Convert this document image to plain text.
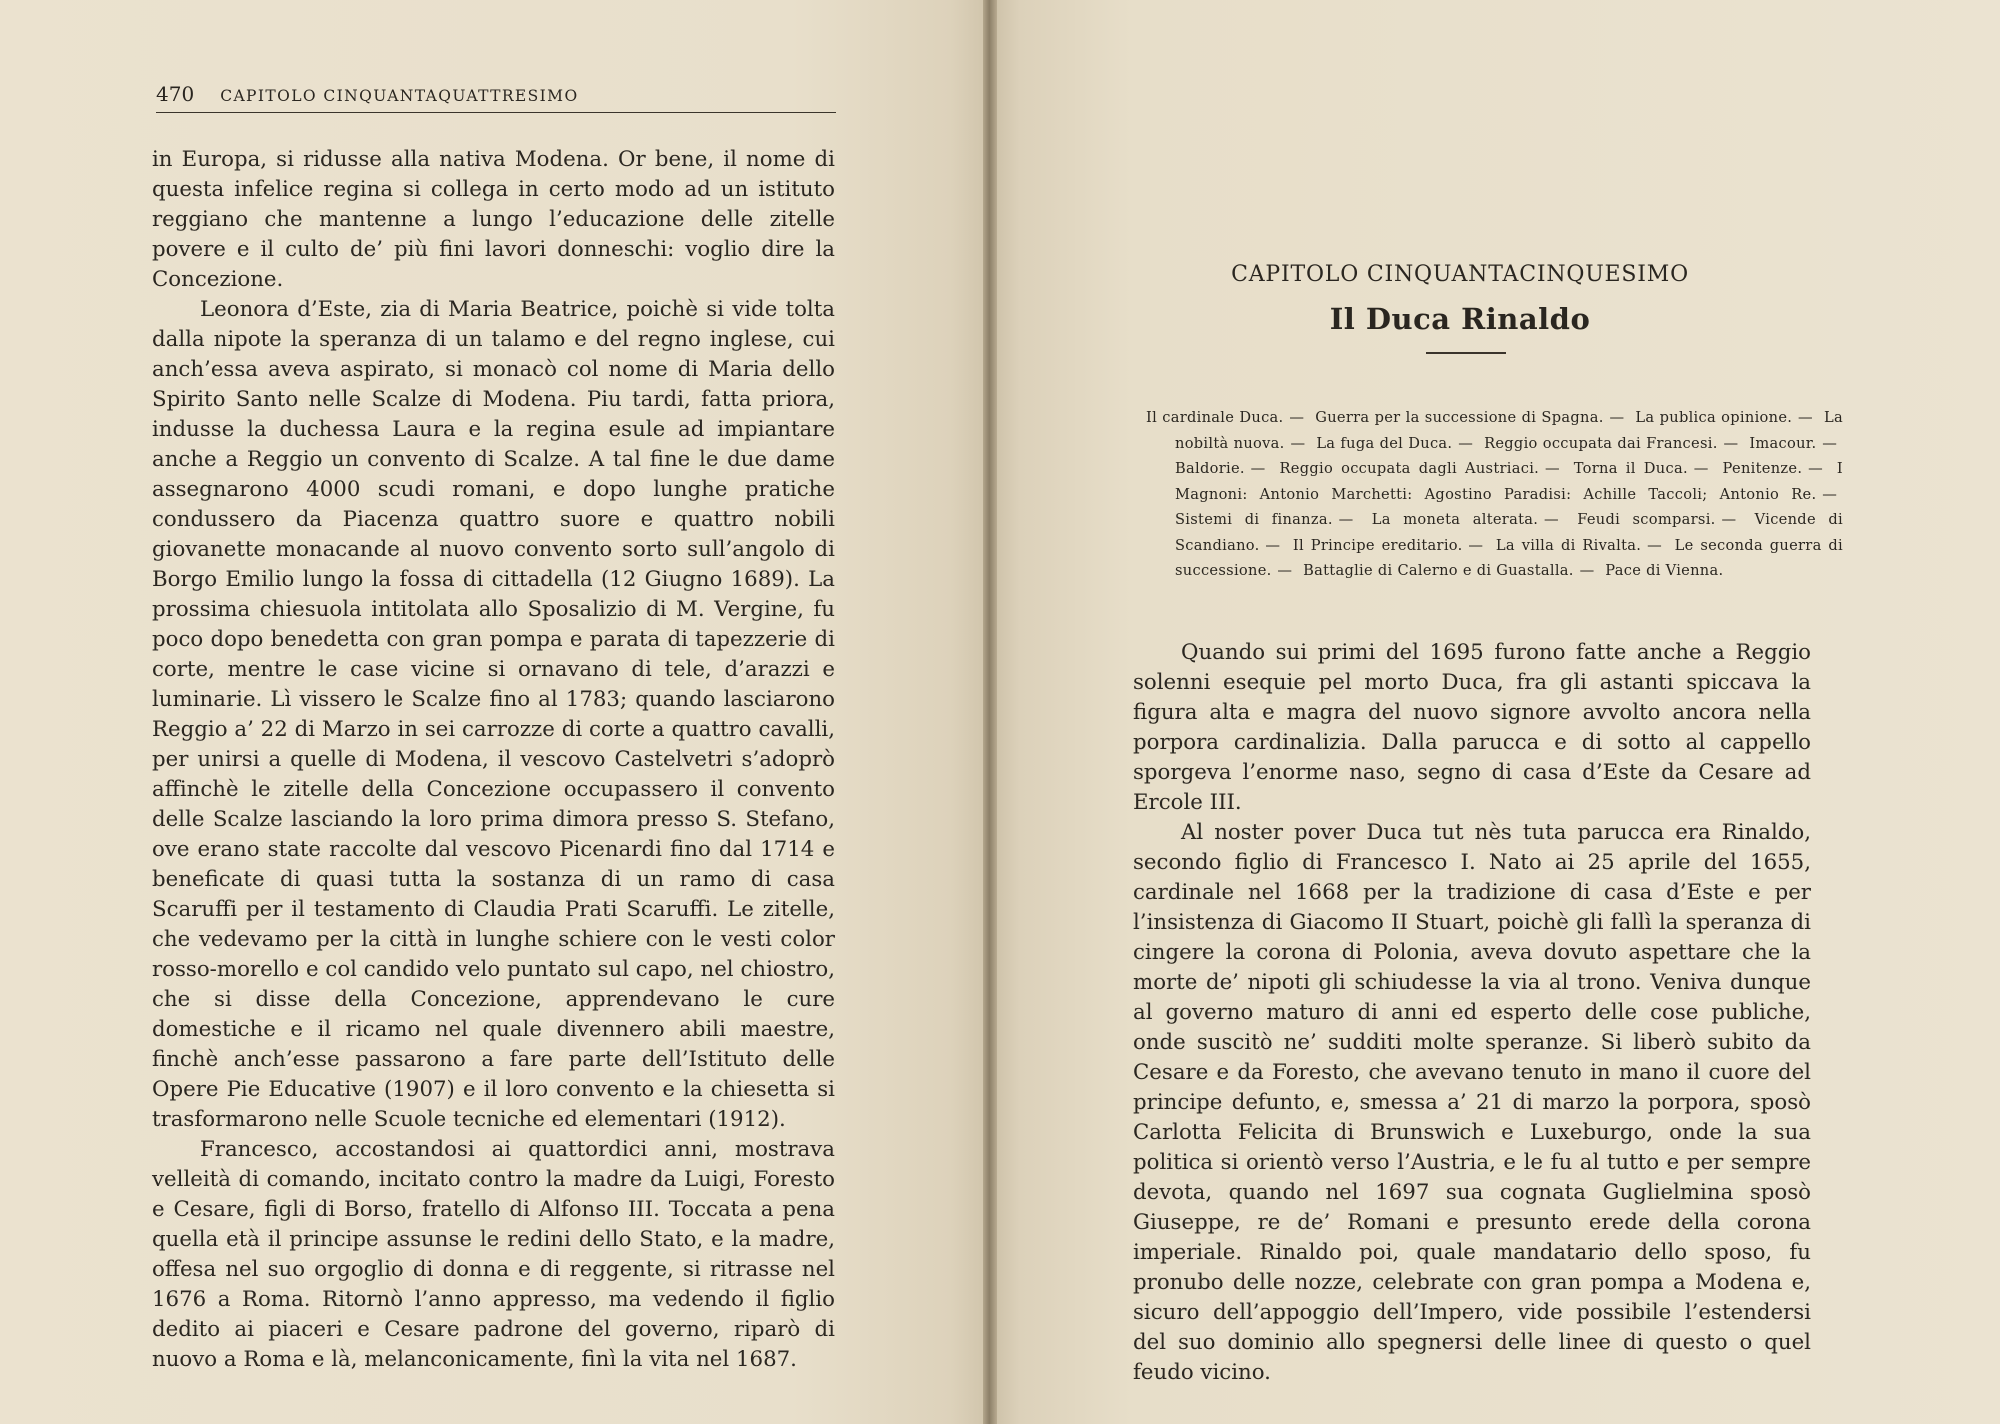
470 CAPITOLO CINQUANTAQUATTRESIMO

in Europa, si ridusse alla nativa Modena. Or bene, il nome di questa infelice regina si collega in certo modo ad un istituto reggiano che mantenne a lungo l’educazione delle zitelle povere e il culto de’ più fini lavori donneschi: voglio dire la Concezione.

Leonora d’Este, zia di Maria Beatrice, poichè si vide tolta dalla nipote la speranza di un talamo e del regno inglese, cui anch’essa aveva aspirato, si monacò col nome di Maria dello Spirito Santo nelle Scalze di Modena. Piu tardi, fatta priora, indusse la duchessa Laura e la regina esule ad impiantare anche a Reggio un convento di Scalze. A tal fine le due dame assegnarono 4000 scudi romani, e dopo lunghe pratiche condussero da Piacenza quattro suore e quattro nobili giovanette monacande al nuovo convento sorto sull’angolo di Borgo Emilio lungo la fossa di cittadella (12 Giugno 1689). La prossima chiesuola intitolata allo Sposalizio di M. Vergine, fu poco dopo benedetta con gran pompa e parata di tapezzerie di corte, mentre le case vicine si ornavano di tele, d’arazzi e luminarie. Lì vissero le Scalze fino al 1783; quando lasciarono Reggio a’ 22 di Marzo in sei carrozze di corte a quattro cavalli, per unirsi a quelle di Modena, il vescovo Castelvetri s’adoprò affinchè le zitelle della Concezione occupassero il convento delle Scalze lasciando la loro prima dimora presso S. Stefano, ove erano state raccolte dal vescovo Picenardi fino dal 1714 e beneficate di quasi tutta la sostanza di un ramo di casa Scaruffi per il testamento di Claudia Prati Scaruffi. Le zitelle, che vedevamo per la città in lunghe schiere con le vesti color rosso-morello e col candido velo puntato sul capo, nel chiostro, che si disse della Concezione, apprendevano le cure domestiche e il ricamo nel quale divennero abili maestre, finchè anch’esse passarono a fare parte dell’Istituto delle Opere Pie Educative (1907) e il loro convento e la chiesetta si trasformarono nelle Scuole tecniche ed elementari (1912).

Francesco, accostandosi ai quattordici anni, mostrava velleità di comando, incitato contro la madre da Luigi, Foresto e Cesare, figli di Borso, fratello di Alfonso III. Toccata a pena quella età il principe assunse le redini dello Stato, e la madre, offesa nel suo orgoglio di donna e di reggente, si ritrasse nel 1676 a Roma. Ritornò l’anno appresso, ma vedendo il figlio dedito ai piaceri e Cesare padrone del governo, riparò di nuovo a Roma e là, melanconicamente, finì la vita nel 1687.

CAPITOLO CINQUANTACINQUESIMO
Il Duca Rinaldo
Il cardinale Duca. — Guerra per la successione di Spagna. — La publica opinione. — La nobiltà nuova. — La fuga del Duca. — Reggio occupata dai Francesi. — Imacour. — Baldorie. — Reggio occupata dagli Austriaci. — Torna il Duca. — Penitenze. — I Magnoni: Antonio Marchetti: Agostino Paradisi: Achille Taccoli; Antonio Re. — Sistemi di finanza. — La moneta alterata. — Feudi scomparsi. — Vicende di Scandiano. — Il Principe ereditario. — La villa di Rivalta. — Le seconda guerra di successione. — Battaglie di Calerno e di Guastalla. — Pace di Vienna.

Quando sui primi del 1695 furono fatte anche a Reggio solenni esequie pel morto Duca, fra gli astanti spiccava la figura alta e magra del nuovo signore avvolto ancora nella porpora cardinalizia. Dalla parucca e di sotto al cappello sporgeva l’enorme naso, segno di casa d’Este da Cesare ad Ercole III.

Al noster pover Duca tut nès tuta parucca era Rinaldo, secondo figlio di Francesco I. Nato ai 25 aprile del 1655, cardinale nel 1668 per la tradizione di casa d’Este e per l’insistenza di Giacomo II Stuart, poichè gli fallì la speranza di cingere la corona di Polonia, aveva dovuto aspettare che la morte de’ nipoti gli schiudesse la via al trono. Veniva dunque al governo maturo di anni ed esperto delle cose publiche, onde suscitò ne’ sudditi molte speranze. Si liberò subito da Cesare e da Foresto, che avevano tenuto in mano il cuore del principe defunto, e, smessa a’ 21 di marzo la porpora, sposò Carlotta Felicita di Brunswich e Luxeburgo, onde la sua politica si orientò verso l’Austria, e le fu al tutto e per sempre devota, quando nel 1697 sua cognata Guglielmina sposò Giuseppe, re de’ Romani e presunto erede della corona imperiale. Rinaldo poi, quale mandatario dello sposo, fu pronubo delle nozze, celebrate con gran pompa a Modena e, sicuro dell’appoggio dell’Impero, vide possibile l’estendersi del suo dominio allo spegnersi delle linee di questo o quel feudo vicino.
